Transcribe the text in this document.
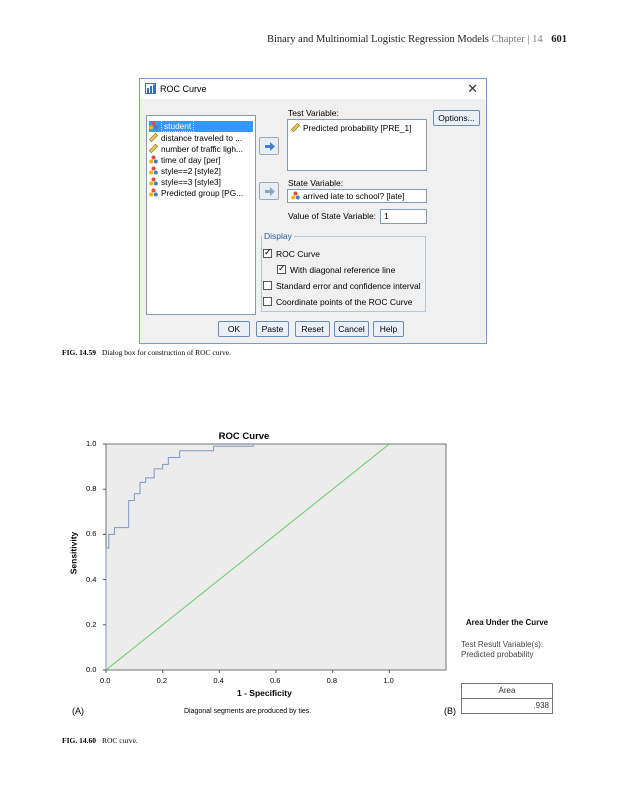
Binary and Multinomial Logistic Regression Models Chapter | 14 601
ROC Curve	✕
student
distance traveled to ...
number of traffic ligh...
time of day [per]
style==2 [style2]
style==3 [style3]
Predicted group [PG...
Test Variable:
Predicted probability [PRE_1]
Options...
State Variable:
arrived late to school? [late]
Value of State Variable: 1
Display
✓ ROC Curve
✓ With diagonal reference line
Standard error and confidence interval
Coordinate points of the ROC Curve
OK	Paste	Reset	Cancel	Help
FIG. 14.59 Dialog box for construction of ROC curve.
ROC Curve
0.0	0.2	0.4	0.6	0.8	1.0
0.0
0.2
0.4
0.6
0.8
1.0
1 - Specificity
Sensitivity
Diagonal segments are produced by ties.
(A)	(B)
Area Under the Curve
Test Result Variable(s): Predicted probability
Area
.938
FIG. 14.60 ROC curve.
